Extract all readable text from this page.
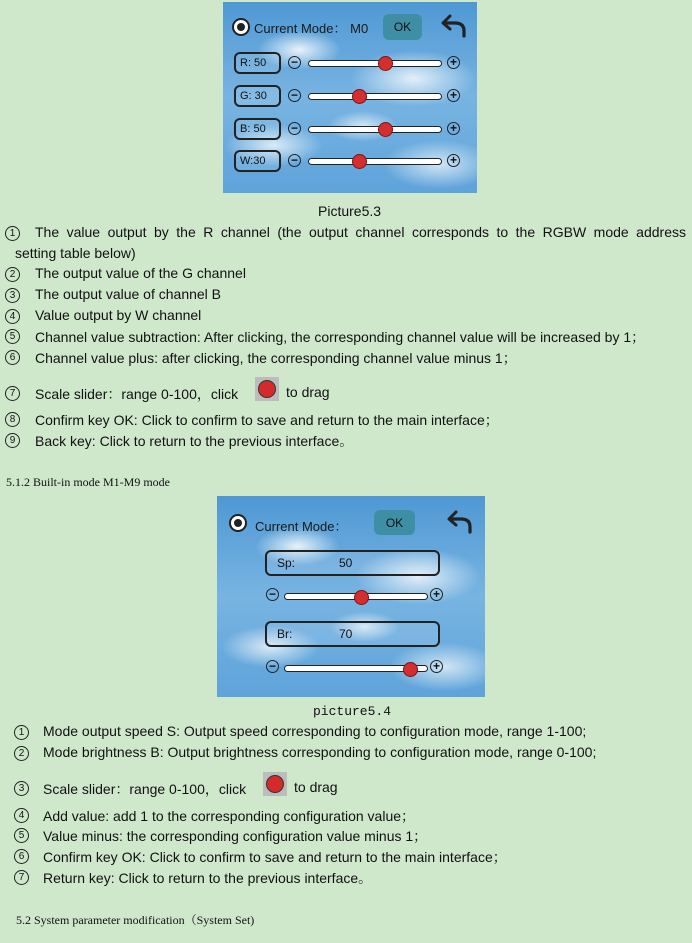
Current Mode： M0	OK
R: 50	−	+
G: 30	−	+
B: 50	−	+
W:30	−	+
Picture5.3
1	The value output by the R channel (the output channel corresponds to the RGBW mode address
setting table below)
2	The output value of the G channel
3	The output value of channel B
4	Value output by W channel
5	Channel value subtraction: After clicking, the corresponding channel value will be increased by 1；
6	Channel value plus: after clicking, the corresponding channel value minus 1；
7	Scale slider：range 0-100，click	to drag
8	Confirm key OK: Click to confirm to save and return to the main interface；
9	Back key: Click to return to the previous interface。
5.1.2 Built-in mode M1-M9 mode
Current Mode：	OK
Sp:	50
−	+
Br:	70
−	+
picture5.4
1	Mode output speed S: Output speed corresponding to configuration mode, range 1-100;
2	Mode brightness B: Output brightness corresponding to configuration mode, range 0-100;
3	Scale slider：range 0-100，click	to drag
4	Add value: add 1 to the corresponding configuration value；
5	Value minus: the corresponding configuration value minus 1；
6	Confirm key OK: Click to confirm to save and return to the main interface；
7	Return key: Click to return to the previous interface。
5.2 System parameter modification（System Set)
